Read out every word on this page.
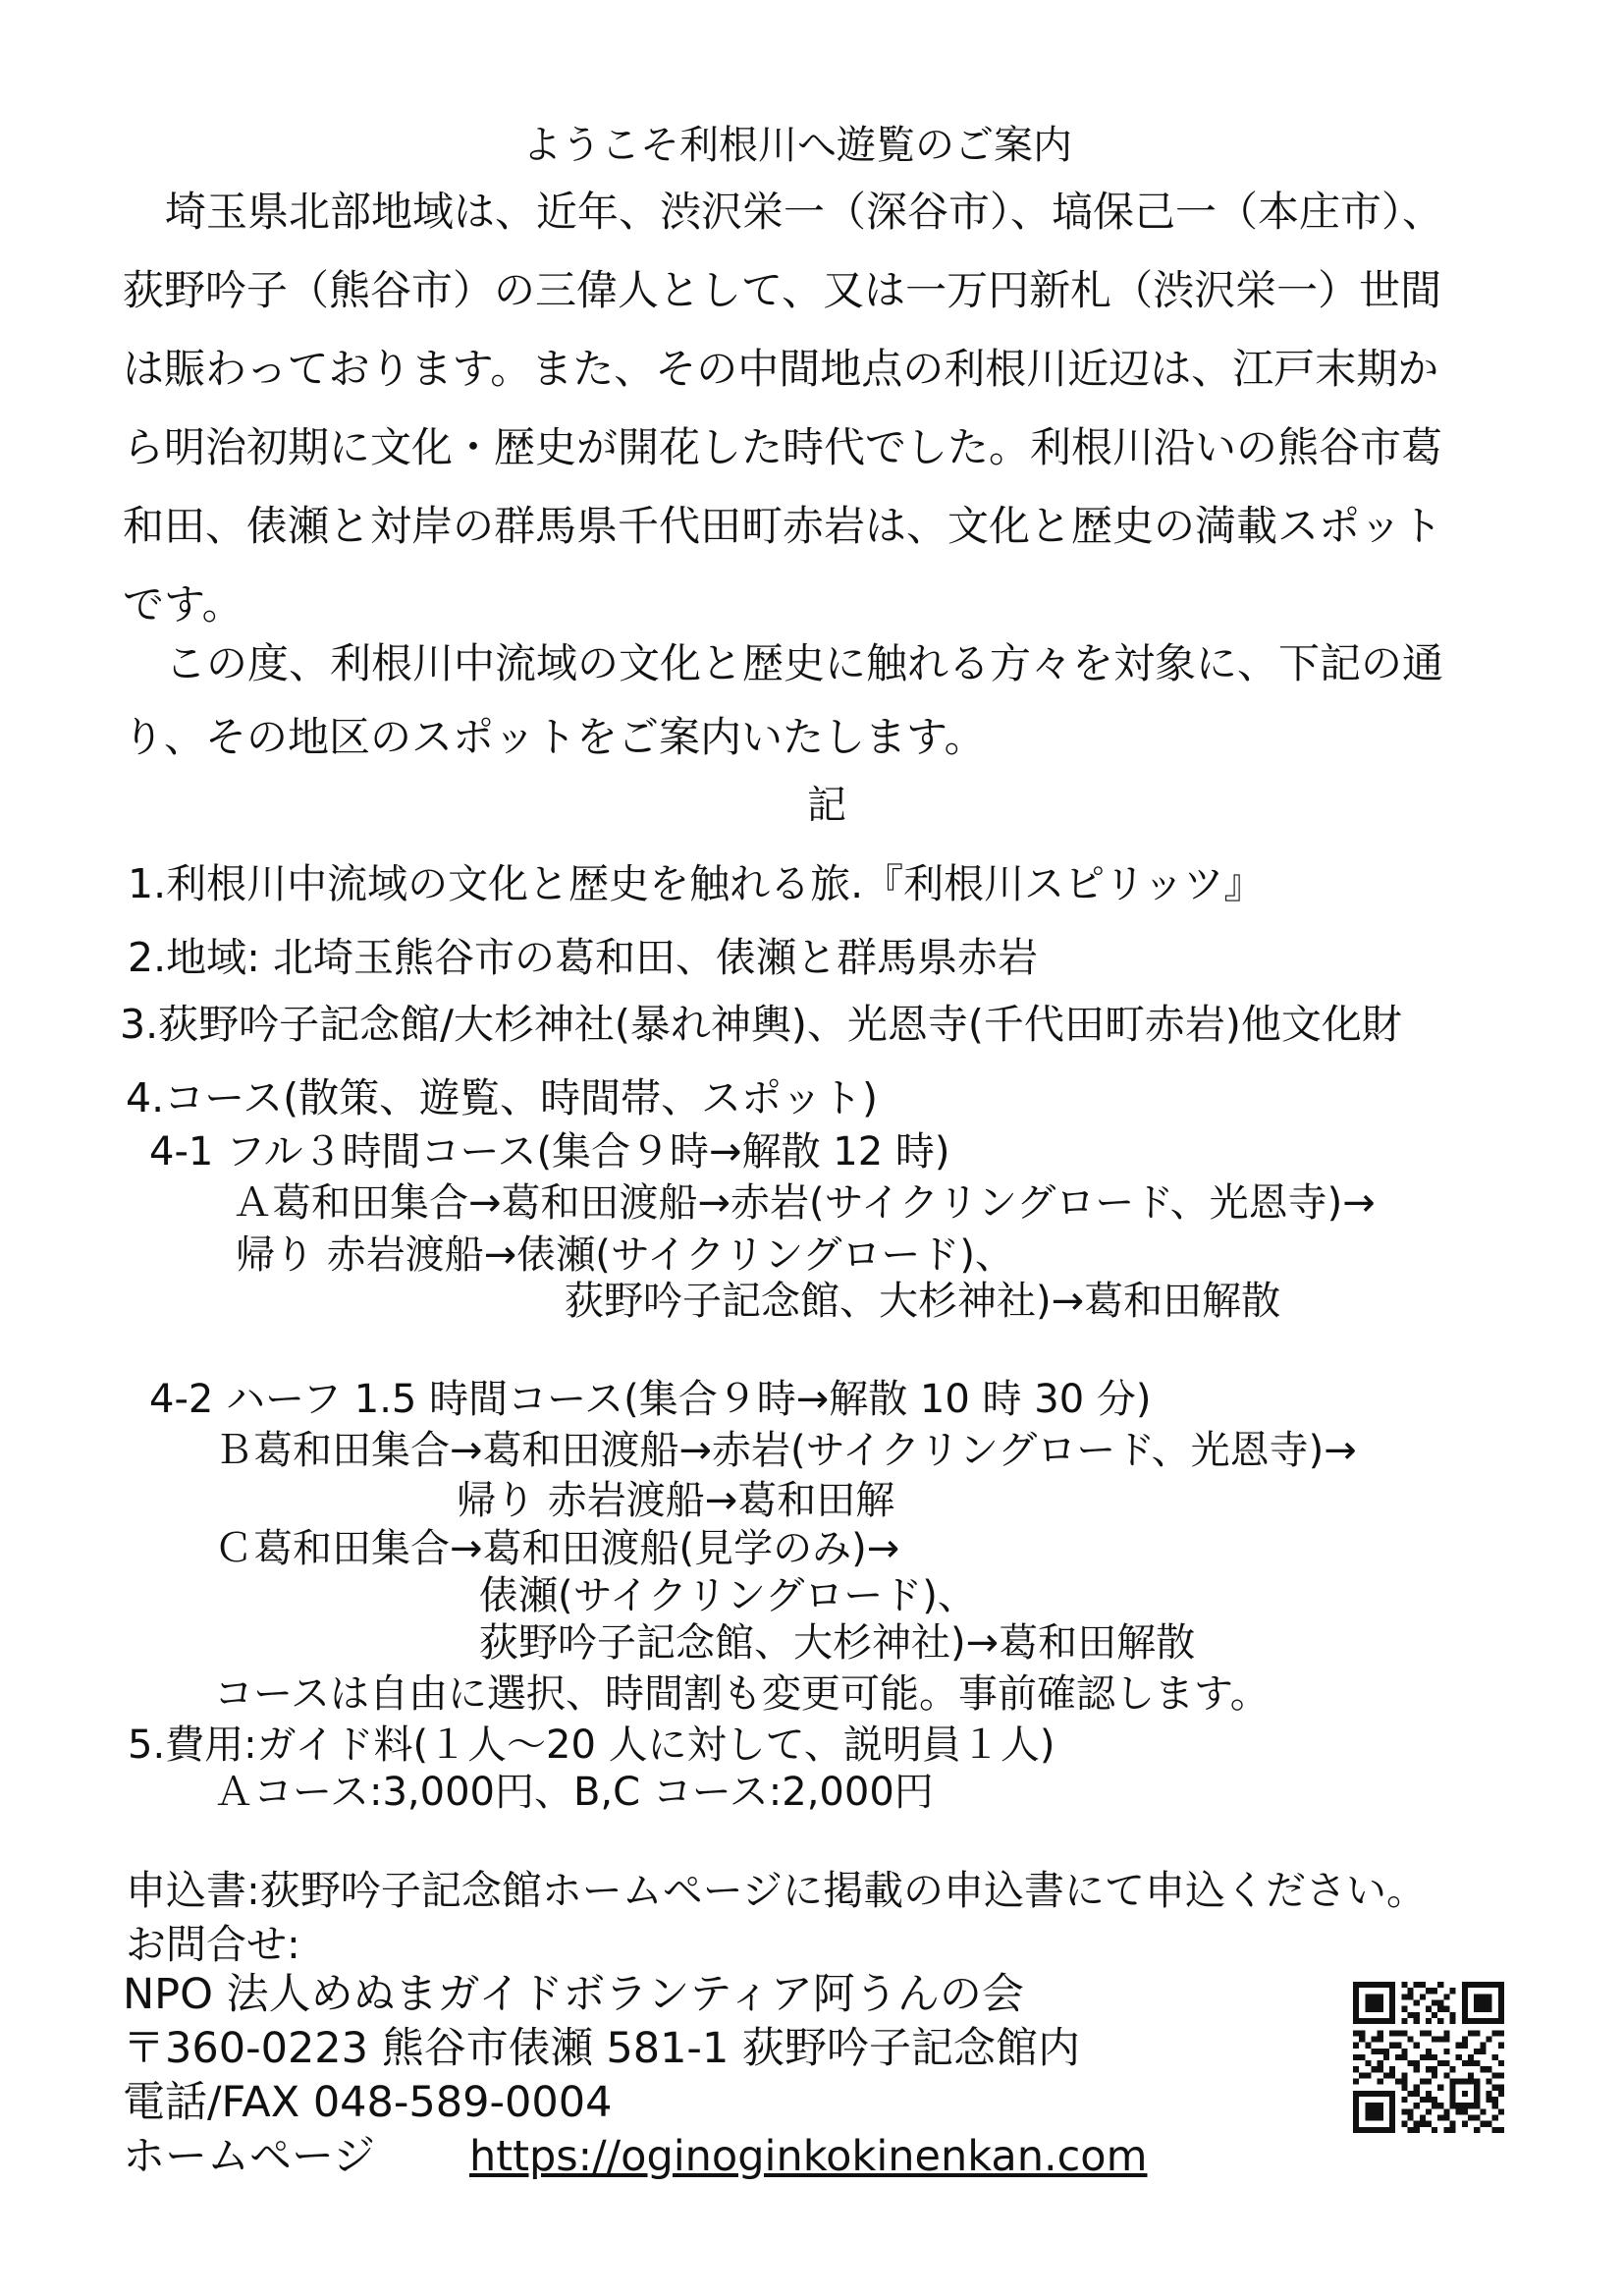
ようこそ利根川へ遊覧のご案内
埼玉県北部地域は、近年、渋沢栄一（深谷市）、塙保己一（本庄市）、
荻野吟子（熊谷市）の三偉人として、又は一万円新札（渋沢栄一）世間
は賑わっております。また、その中間地点の利根川近辺は、江戸末期か
ら明治初期に文化・歴史が開花した時代でした。利根川沿いの熊谷市葛
和田、俵瀬と対岸の群馬県千代田町赤岩は、文化と歴史の満載スポット
です。
この度、利根川中流域の文化と歴史に触れる方々を対象に、下記の通
り、その地区のスポットをご案内いたします。
記
1.利根川中流域の文化と歴史を触れる旅.『利根川スピリッツ』
2.地域: 北埼玉熊谷市の葛和田、俵瀬と群馬県赤岩
3.荻野吟子記念館/大杉神社(暴れ神輿)、光恩寺(千代田町赤岩)他文化財
4.コース(散策、遊覧、時間帯、スポット)
4-1 フル３時間コース(集合９時→解散 12 時)
Ａ葛和田集合→葛和田渡船→赤岩(サイクリングロード、光恩寺)→
帰り 赤岩渡船→俵瀬(サイクリングロード)、
荻野吟子記念館、大杉神社)→葛和田解散
4-2 ハーフ 1.5 時間コース(集合９時→解散 10 時 30 分)
Ｂ葛和田集合→葛和田渡船→赤岩(サイクリングロード、光恩寺)→
帰り 赤岩渡船→葛和田解
Ｃ葛和田集合→葛和田渡船(見学のみ)→
俵瀬(サイクリングロード)、
荻野吟子記念館、大杉神社)→葛和田解散
コースは自由に選択、時間割も変更可能。事前確認します。
5.費用:ガイド料(１人～20 人に対して、説明員１人)
Ａコース:3,000円、B,C コース:2,000円
申込書:荻野吟子記念館ホームページに掲載の申込書にて申込ください。
お問合せ:
NPO 法人めぬまガイドボランティア阿うんの会
〒360-0223 熊谷市俵瀬 581-1 荻野吟子記念館内
電話/FAX 048-589-0004
ホームページ https://oginoginkokinenkan.com
